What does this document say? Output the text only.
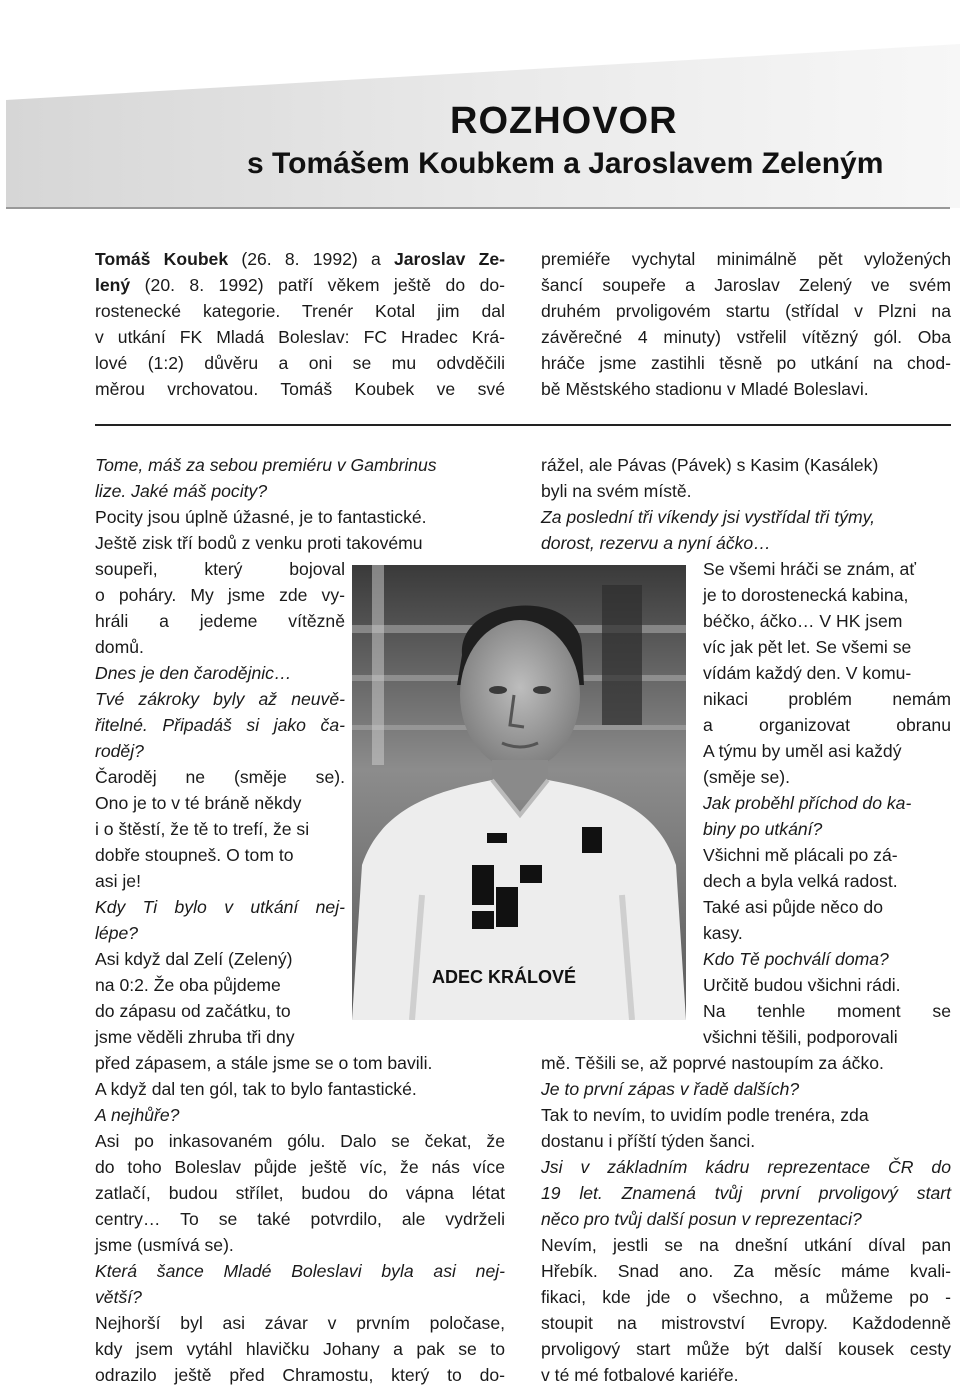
ROZHOVOR
s Tomášem Koubkem a Jaroslavem Zeleným
Tomáš Koubek (26. 8. 1992) a Jaroslav Ze-
lený (20. 8. 1992) patří věkem ještě do do-
rostenecké kategorie. Trenér Kotal jim dal
v utkání FK Mladá Boleslav: FC Hradec Krá-
lové (1:2) důvěru a oni se mu odvděčili
měrou vrchovatou. Tomáš Koubek ve své
premiéře vychytal minimálně pět vyložených
šancí soupeře a Jaroslav Zelený ve svém
druhém prvoligovém startu (střídal v Plzni na
závěrečné 4 minuty) vstřelil vítězný gól. Oba
hráče jsme zastihli těsně po utkání na chod-
bě Městského stadionu v Mladé Boleslavi.
Tome, máš za sebou premiéru v Gambrinus
lize. Jaké máš pocity?
Pocity jsou úplně úžasné, je to fantastické.
Ještě zisk tří bodů z venku proti takovému
soupeři, který bojoval
o poháry. My jsme zde vy-
hráli a jedeme vítězně
domů.
Dnes je den čarodějnic…
Tvé zákroky byly až neuvě-
řitelné. Připadáš si jako ča-
roděj?
Čaroděj ne (směje se).
Ono je to v té bráně někdy
i o štěstí, že tě to trefí, že si
dobře stoupneš. O tom to
asi je!
Kdy Ti bylo v utkání nej-
lépe?
Asi když dal Zelí (Zelený)
na 0:2. Že oba půjdeme
do zápasu od začátku, to
jsme věděli zhruba tři dny
před zápasem, a stále jsme se o tom bavili.
A když dal ten gól, tak to bylo fantastické.
A nejhůře?
Asi po inkasovaném gólu. Dalo se čekat, že
do toho Boleslav půjde ještě víc, že nás více
zatlačí, budou střílet, budou do vápna létat
centry… To se také potvrdilo, ale vydrželi
jsme (usmívá se).
Která šance Mladé Boleslavi byla asi nej-
větší?
Nejhorší byl asi závar v prvním poločase,
kdy jsem vytáhl hlavičku Johany a pak se to
odrazilo ještě před Chramostu, který to do-
rážel, ale Pávas (Pávek) s Kasim (Kasálek)
byli na svém místě.
Za poslední tři víkendy jsi vystřídal tři týmy,
dorost, rezervu a nyní áčko…
Se všemi hráči se znám, ať
je to dorostenecká kabina,
béčko, áčko… V HK jsem
víc jak pět let. Se všemi se
vídám každý den. V komu-
nikaci problém nemám
a organizovat obranu
A týmu by uměl asi každý
(směje se).
Jak proběhl příchod do ka-
biny po utkání?
Všichni mě plácali po zá-
dech a byla velká radost.
Také asi půjde něco do
kasy.
Kdo Tě pochválí doma?
Určitě budou všichni rádi.
Na tenhle moment se
všichni těšili, podporovali
mě. Těšili se, až poprvé nastoupím za áčko.
Je to první zápas v řadě dalších?
Tak to nevím, to uvidím podle trenéra, zda
dostanu i příští týden šanci.
Jsi v základním kádru reprezentace ČR do
19 let. Znamená tvůj první prvoligový start
něco pro tvůj další posun v reprezentaci?
Nevím, jestli se na dnešní utkání díval pan
Hřebík. Snad ano. Za měsíc máme kvali-
fikaci, kde jde o všechno, a můžeme po -
stoupit na mistrovství Evropy. Každodenně
prvoligový start může být další kousek cesty
v té mé fotbalové kariéře.
ADEC KRÁLOVÉ
